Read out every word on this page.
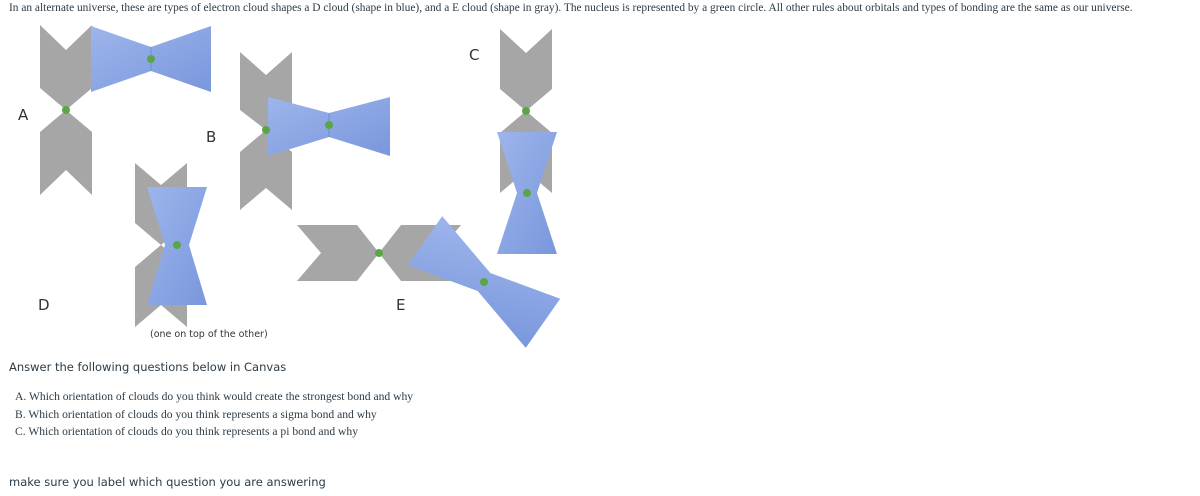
In an alternate universe, these are types of electron cloud shapes a D cloud (shape in blue), and a E cloud (shape in gray). The nucleus is represented by a green circle. All other rules about orbitals and types of bonding are the same as our universe.
A
B
C
D
(one on top of the other)
E
Answer the following questions below in Canvas
A. Which orientation of clouds do you think would create the strongest bond and why
B. Which orientation of clouds do you think represents a sigma bond and why
C. Which orientation of clouds do you think represents a pi bond and why
make sure you label which question you are answering
